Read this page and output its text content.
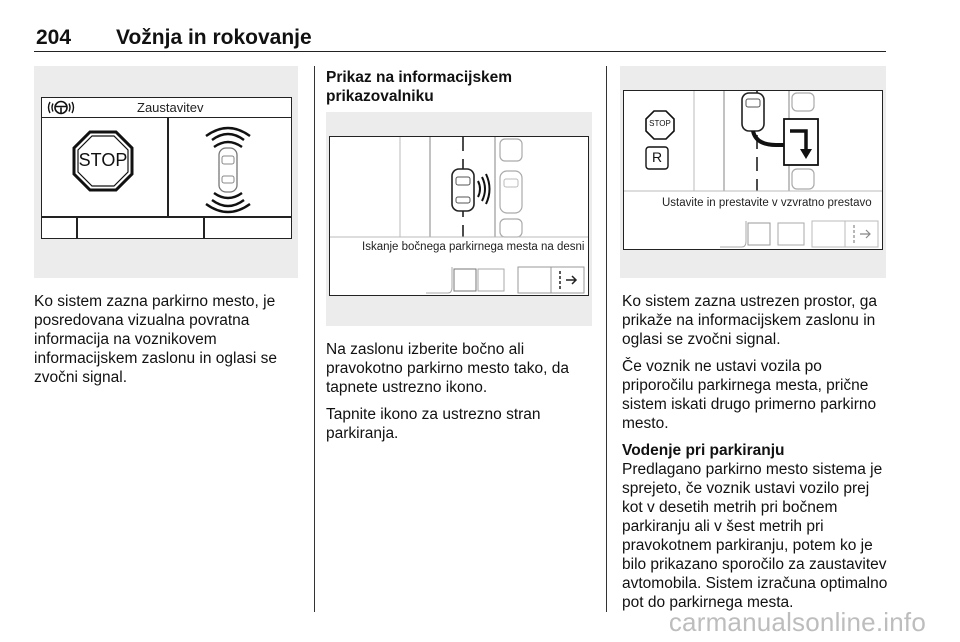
204 Vožnja in rokovanje
Zaustavitev
STOP

Ko sistem zazna parkirno mesto, je posredovana vizualna povratna informacija na voznikovem informacijskem zaslonu in oglasi se zvočni signal.

Prikaz na informacijskem prikazovalniku
Iskanje bočnega parkirnega mesta na desni

Na zaslonu izberite bočno ali pravokotno parkirno mesto tako, da tapnete ustrezno ikono.

Tapnite ikono za ustrezno stran parkiranja.

STOP
R
Ustavite in prestavite v vzvratno prestavo

Ko sistem zazna ustrezen prostor, ga prikaže na informacijskem zaslonu in oglasi se zvočni signal.

Če voznik ne ustavi vozila po priporočilu parkirnega mesta, prične sistem iskati drugo primerno parkirno mesto.

Vodenje pri parkiranju

Predlagano parkirno mesto sistema je sprejeto, če voznik ustavi vozilo prej kot v desetih metrih pri bočnem parkiranju ali v šest metrih pri pravokotnem parkiranju, potem ko je bilo prikazano sporočilo za zaustavitev avtomobila. Sistem izračuna optimalno pot do parkirnega mesta.

carmanualsonline.info
